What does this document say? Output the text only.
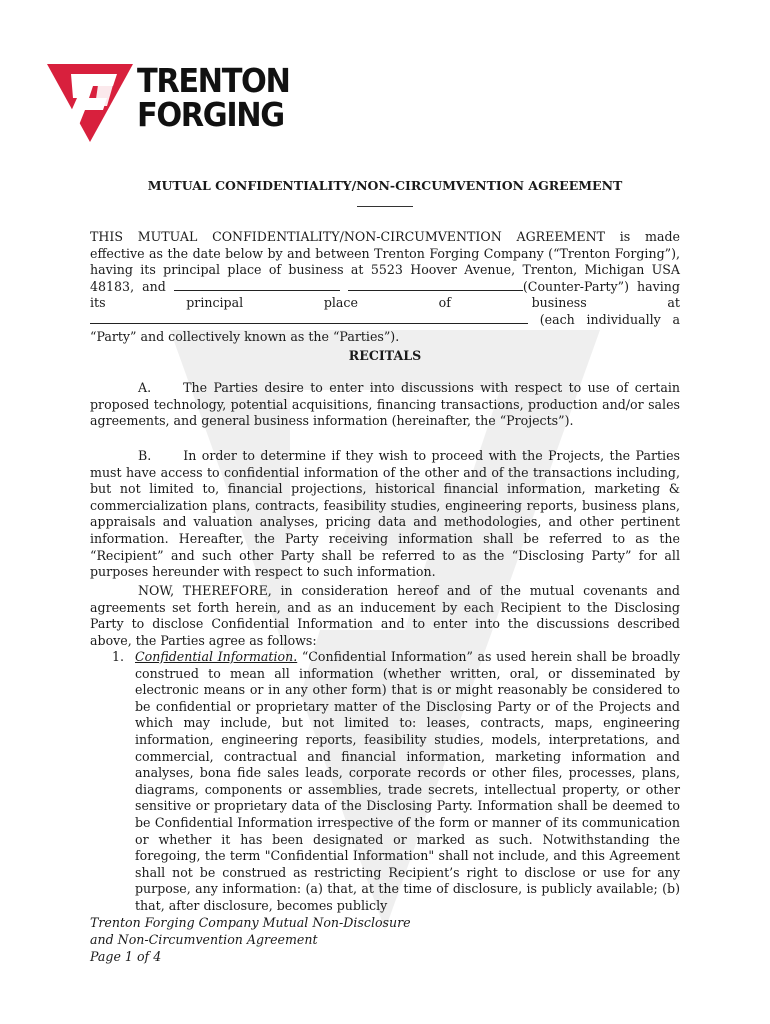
TRENTON
FORGING
MUTUAL CONFIDENTIALITY/NON-CIRCUMVENTION AGREEMENT
THIS MUTUAL CONFIDENTIALITY/NON-CIRCUMVENTION AGREEMENT is made effective as the date below by and between Trenton Forging Company (“Trenton Forging”), having its principal place of business at 5523 Hoover Avenue, Trenton, Michigan USA 48183, and	(Counter-Party”) having its principal place of business at  (each individually a “Party” and collectively known as the “Parties”).
RECITALS
A.	The Parties desire to enter into discussions with respect to use of certain proposed technology, potential acquisitions, financing transactions, production and/or sales agreements, and general business information (hereinafter, the “Projects”).
B.	In order to determine if they wish to proceed with the Projects, the Parties must have access to confidential information of the other and of the transactions including, but not limited to, financial projections, historical financial information, marketing & commercialization plans, contracts, feasibility studies, engineering reports, business plans, appraisals and valuation analyses, pricing data and methodologies, and other pertinent information. Hereafter, the Party receiving information shall be referred to as the “Recipient” and such other Party shall be referred to as the “Disclosing Party” for all purposes hereunder with respect to such information.
NOW, THEREFORE, in consideration hereof and of the mutual covenants and agreements set forth herein, and as an inducement by each Recipient to the Disclosing Party to disclose Confidential Information and to enter into the discussions described above, the Parties agree as follows:
1. Confidential Information. “Confidential Information” as used herein shall be broadly construed to mean all information (whether written, oral, or disseminated by electronic means or in any other form) that is or might reasonably be considered to be confidential or proprietary matter of the Disclosing Party or of the Projects and which may include, but not limited to: leases, contracts, maps, engineering information, engineering reports, feasibility studies, models, interpretations, and commercial, contractual and financial information, marketing information and analyses, bona fide sales leads, corporate records or other files, processes, plans, diagrams, components or assemblies, trade secrets, intellectual property, or other sensitive or proprietary data of the Disclosing Party. Information shall be deemed to be Confidential Information irrespective of the form or manner of its communication or whether it has been designated or marked as such. Notwithstanding the foregoing, the term "Confidential Information" shall not include, and this Agreement shall not be construed as restricting Recipient’s right to disclose or use for any purpose, any information: (a) that, at the time of disclosure, is publicly available; (b) that, after disclosure, becomes publicly
Trenton Forging Company Mutual Non-Disclosure
and Non-Circumvention Agreement
Page 1 of 4
